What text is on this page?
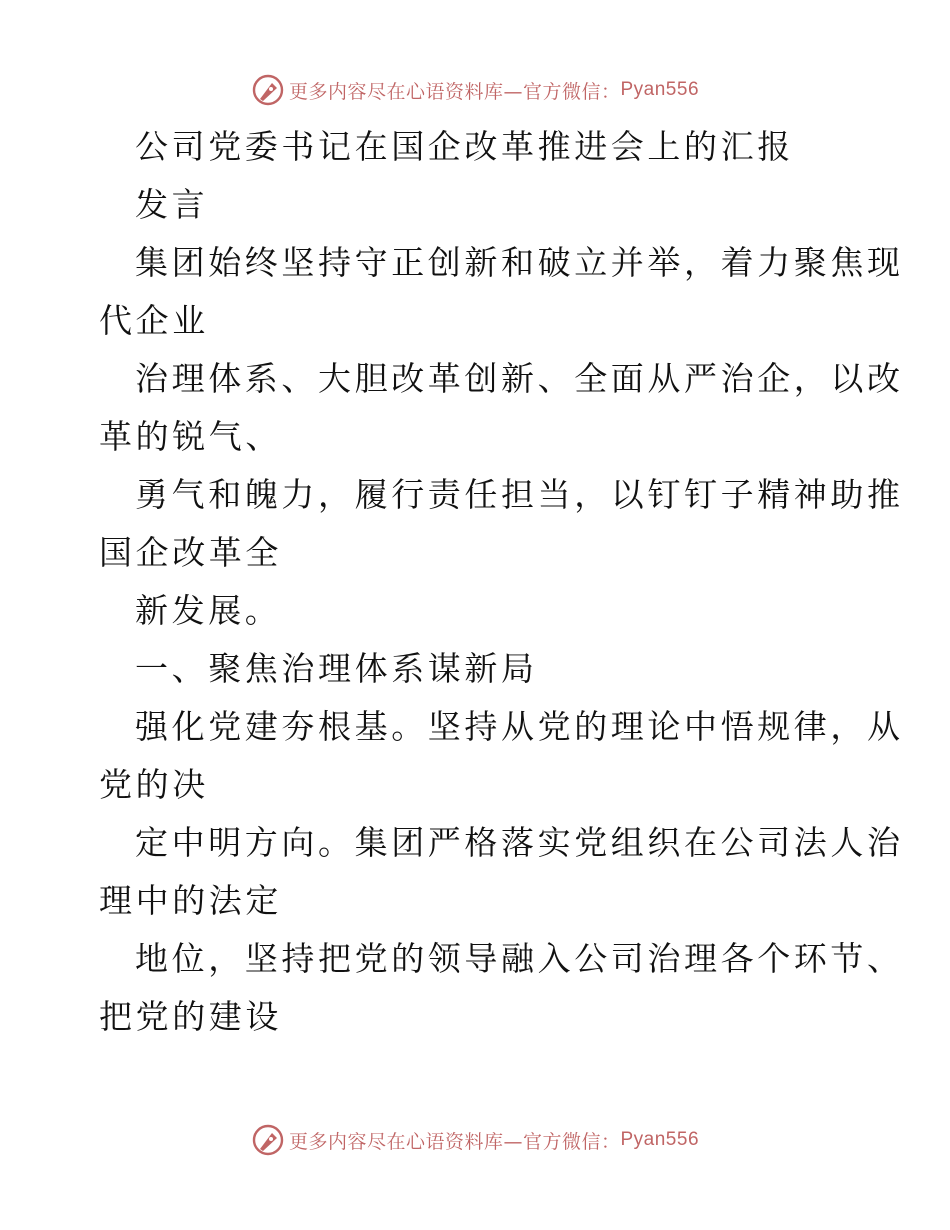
更多内容尽在心语资料库—官方微信： Pyan556
公司党委书记在国企改革推进会上的汇报
发言
集团始终坚持守正创新和破立并举，着力聚焦现
代企业
治理体系、大胆改革创新、全面从严治企，以改
革的锐气、
勇气和魄力，履行责任担当，以钉钉子精神助推
国企改革全
新发展。
一、聚焦治理体系谋新局
强化党建夯根基。坚持从党的理论中悟规律，从
党的决
定中明方向。集团严格落实党组织在公司法人治
理中的法定
地位，坚持把党的领导融入公司治理各个环节、
把党的建设
更多内容尽在心语资料库—官方微信： Pyan556
